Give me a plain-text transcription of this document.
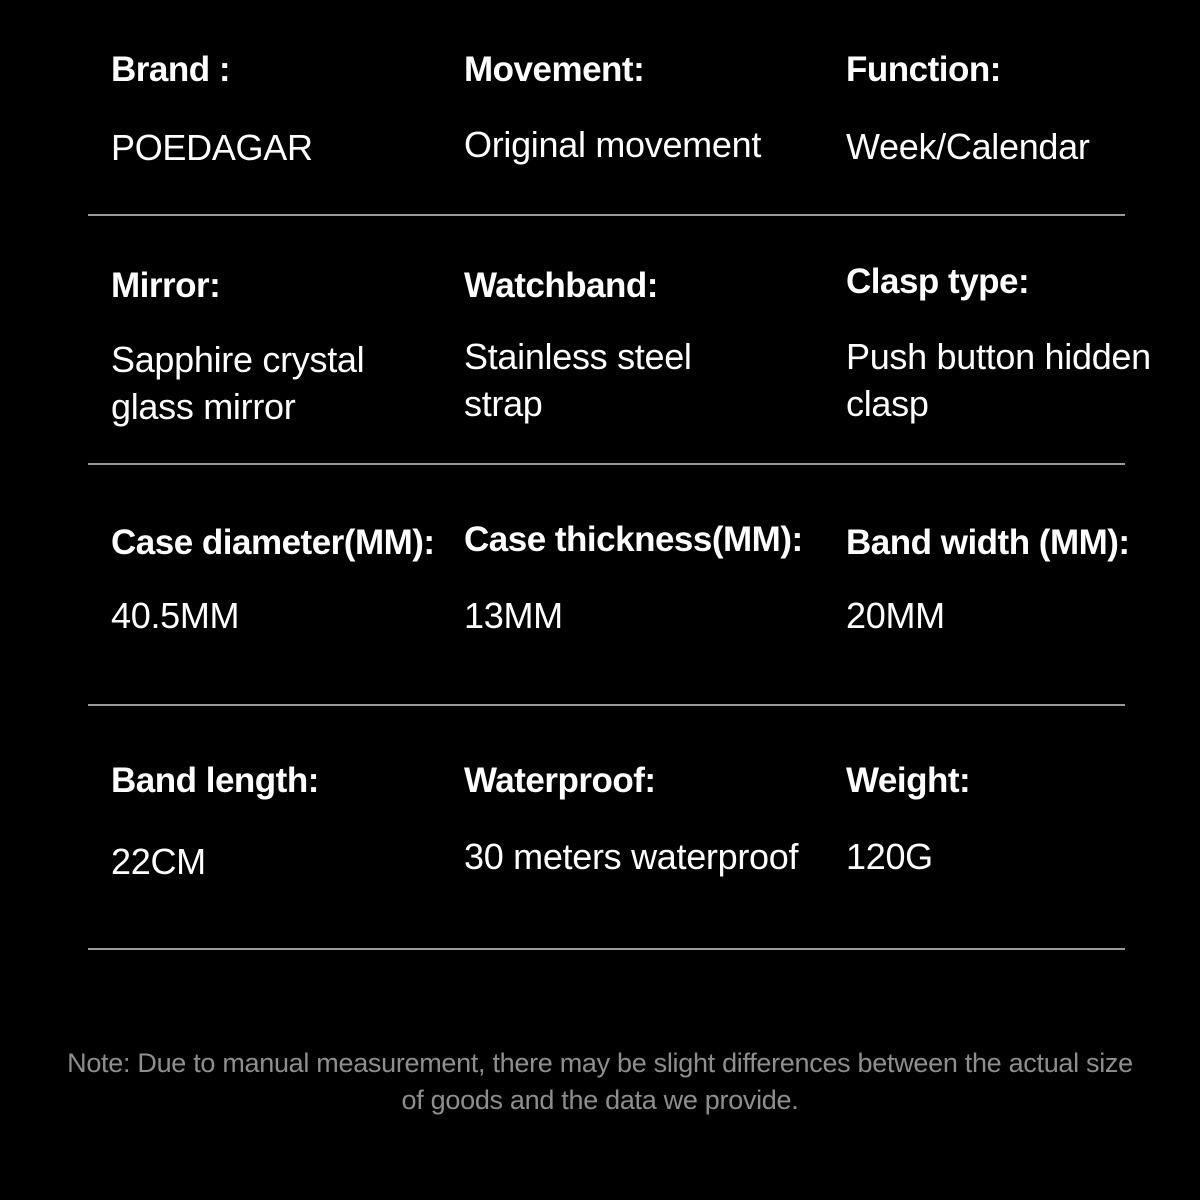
Brand :
POEDAGAR
Movement:
Original movement
Function:
Week/Calendar
Mirror:
Sapphire crystal
glass mirror
Watchband:
Stainless steel
strap
Clasp type:
Push button hidden
clasp
Case diameter(MM):
40.5MM
Case thickness(MM):
13MM
Band width (MM):
20MM
Band length:
22CM
Waterproof:
30 meters waterproof
Weight:
120G
Note: Due to manual measurement, there may be slight differences between the actual size
of goods and the data we provide.
